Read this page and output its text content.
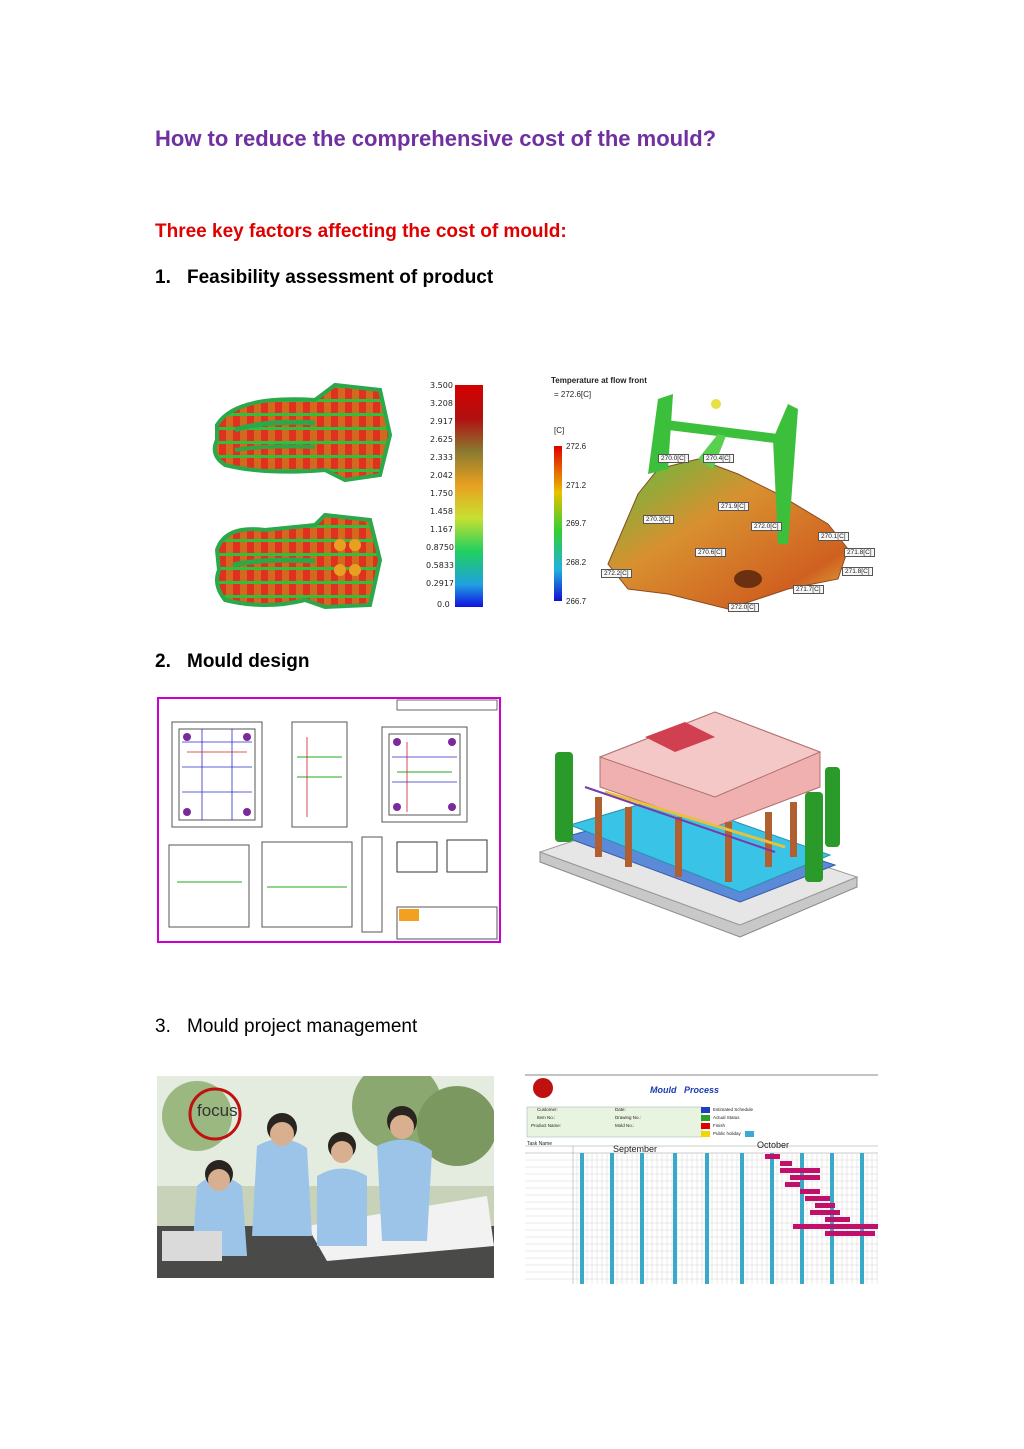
How to reduce the comprehensive cost of the mould?
Three key factors affecting the cost of mould:
1. Feasibility assessment of product
2. Mould design
3. Mould project management
3.500
3.208
2.917
2.625
2.333
2.042
1.750
1.458
1.167
0.8750
0.5833
0.2917
0.0
Temperature at flow front
= 272.6[C]
[C]
272.6
271.2
269.7
268.2
266.7
270.0[C]	270.4[C]
271.9[C]
270.3[C]
272.0[C]
270.1[C]
270.6[C]	271.8[C]
272.2[C]	271.8[C]
271.7[C]
272.0[C]
focus
Mould   Process
September	October
Task Name
Estimated Schedule
Actual Status
Finish
Public holiday
Customer:
Item No.:
Product Name:
Date:
Drawing No.:
Mold No.:
